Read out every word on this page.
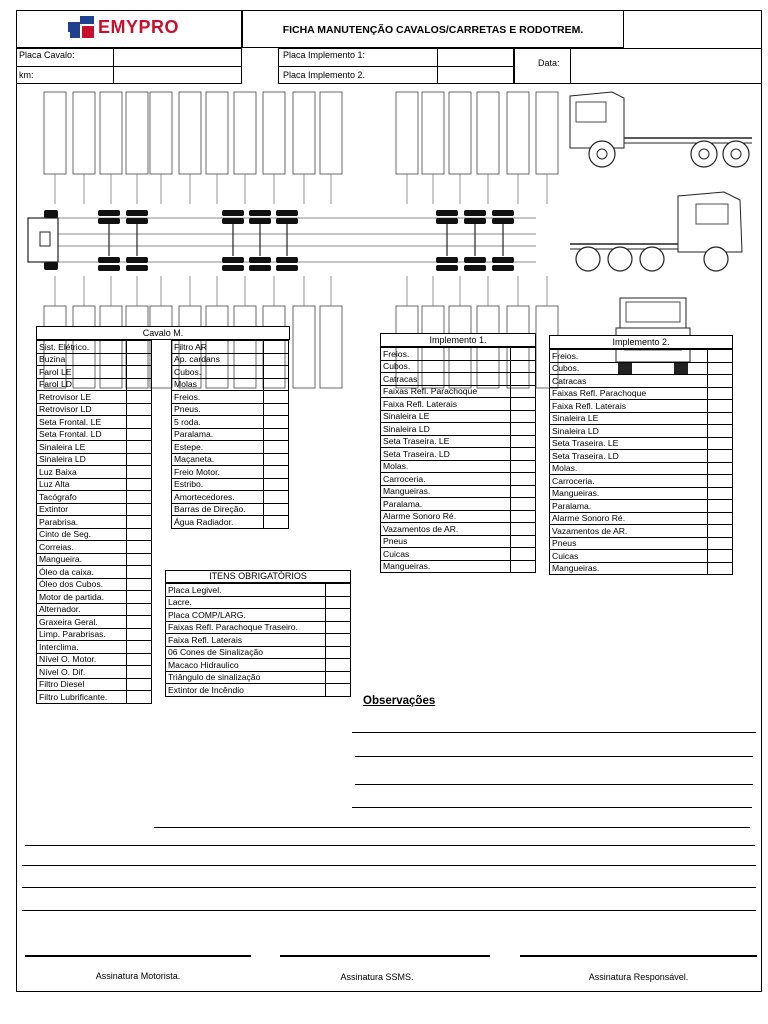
EMYPRO	FICHA MANUTENÇÃO CAVALOS/CARRETAS E RODOTREM.
Placa Cavalo:
km:
Placa Implemento 1:
Placa Implemento 2.
Data:
Cavalo M.
Sist. Elétrico.	
Buzina	
Farol LE	
Farol LD	
Retrovisor LE	
Retrovisor LD	
Seta Frontal. LE	
Seta Frontal. LD	
Sinaleira LE	
Sinaleira LD	
Luz Baixa	
Luz Alta	
Tacógrafo	
Extintor	
Parabrisa.	
Cinto de Seg.	
Correias.	
Mangueira.	
Óleo da caixa.	
Óleo dos Cubos.	
Motor de partida.	
Alternador.	
Graxeira Geral.	
Limp. Parabrisas.	
Interclima.	
Nível O. Motor.	
Nível O. Dif.	
Filtro Diesel	
Filtro Lubrificante.	
Filtro AR	
Ap. cardans	
Cubos.	
Molas	
Freios.	
Pneus.	
5 roda.	
Paralama.	
Estepe.	
Maçaneta.	
Freio Motor.	
Estribo.	
Amortecedores.	
Barras de Direção.	
Água Radiador.	
ITENS OBRIGATÓRIOS
Placa Legivel.	
Lacre.	
Placa COMP/LARG.	
Faixas Refl. Parachoque Traseiro.	
Faixa Refl. Laterais	
06 Cones de Sinalização	
Macaco Hidraulico	
Triângulo de sinalização	
Extintor de Incêndio	
Implemento 1.
Freios.	
Cubos.	
Catracas	
Faixas Refl. Parachoque	
Faixa Refl. Laterais	
Sinaleira LE	
Sinaleira LD	
Seta Traseira. LE	
Seta Traseira. LD	
Molas.	
Carroceria.	
Mangueiras.	
Paralama.	
Alarme Sonoro Ré.	
Vazamentos de AR.	
Pneus	
Cuicas	
Mangueiras.	
Implemento 2.
Freios.	
Cubos.	
Catracas	
Faixas Refl. Parachoque	
Faixa Refl. Laterais	
Sinaleira LE	
Sinaleira LD	
Seta Traseira. LE	
Seta Traseira. LD	
Molas.	
Carroceria.	
Mangueiras.	
Paralama.	
Alarme Sonoro Ré.	
Vazamentos de AR.	
Pneus	
Cuicas	
Mangueiras.	
Observações
Assinatura Motorista.	Assinatura SSMS.	Assinatura Responsável.
